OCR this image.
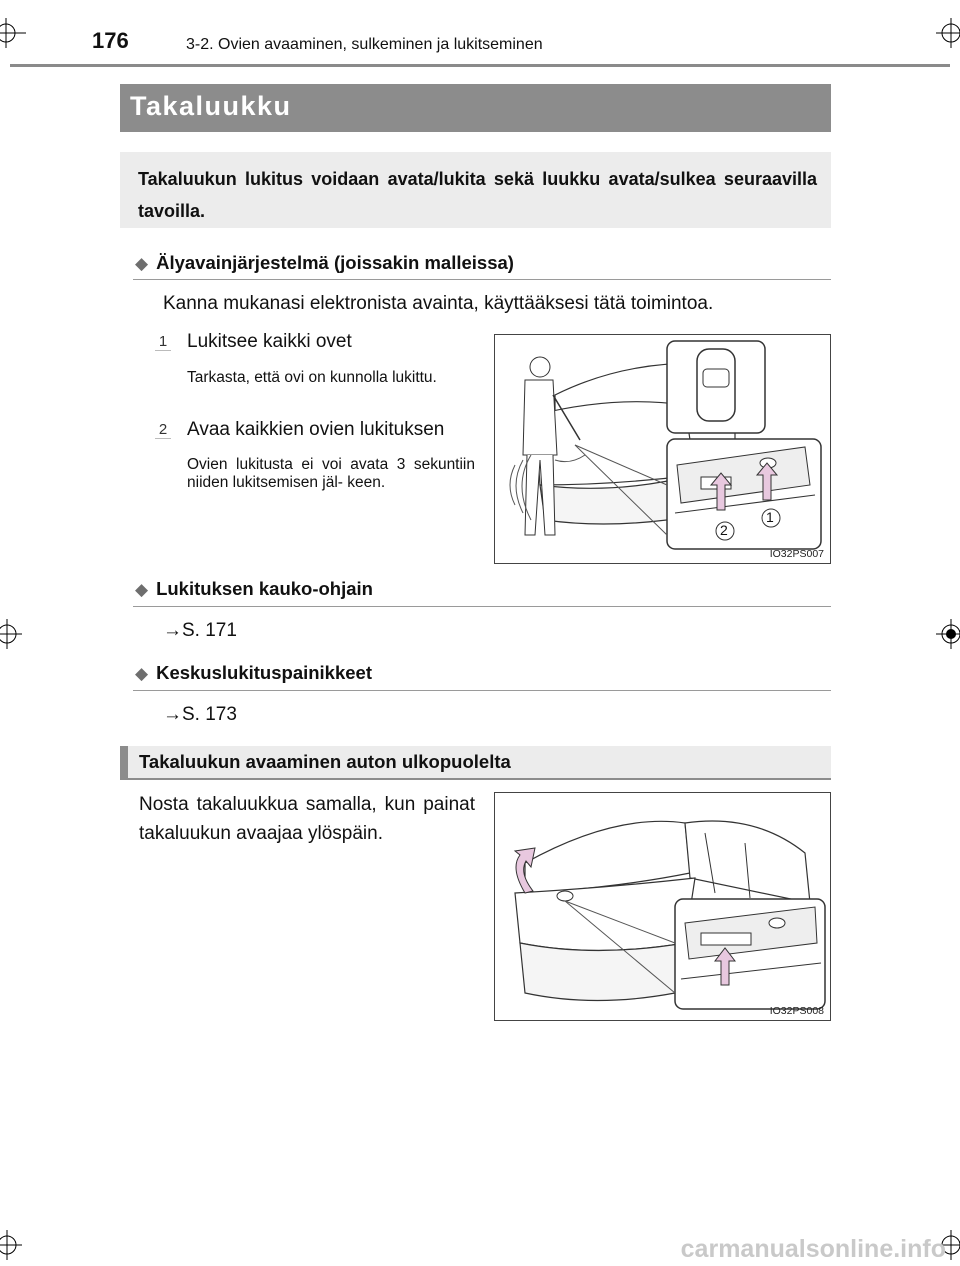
176	3-2. Ovien avaaminen, sulkeminen ja lukitseminen
Takaluukku
Takaluukun lukitus voidaan avata/lukita sekä luukku avata/sulkea seuraavilla tavoilla.
◆ Älyavainjärjestelmä (joissakin malleissa)
Kanna mukanasi elektronista avainta, käyttääksesi tätä toimintoa.
1 Lukitsee kaikki ovet
Tarkasta, että ovi on kunnolla lukittu.
2 Avaa kaikkien ovien lukituksen
Ovien lukitusta ei voi avata 3 sekuntiin niiden lukitsemisen jäl- keen.
2
1
IO32PS007
◆ Lukituksen kauko-ohjain
→S. 171
◆ Keskuslukituspainikkeet
→S. 173
Takaluukun avaaminen auton ulkopuolelta
Nosta takaluukkua samalla, kun painat takaluukun avaajaa ylöspäin.
IO32PS008
carmanualsonline.info
